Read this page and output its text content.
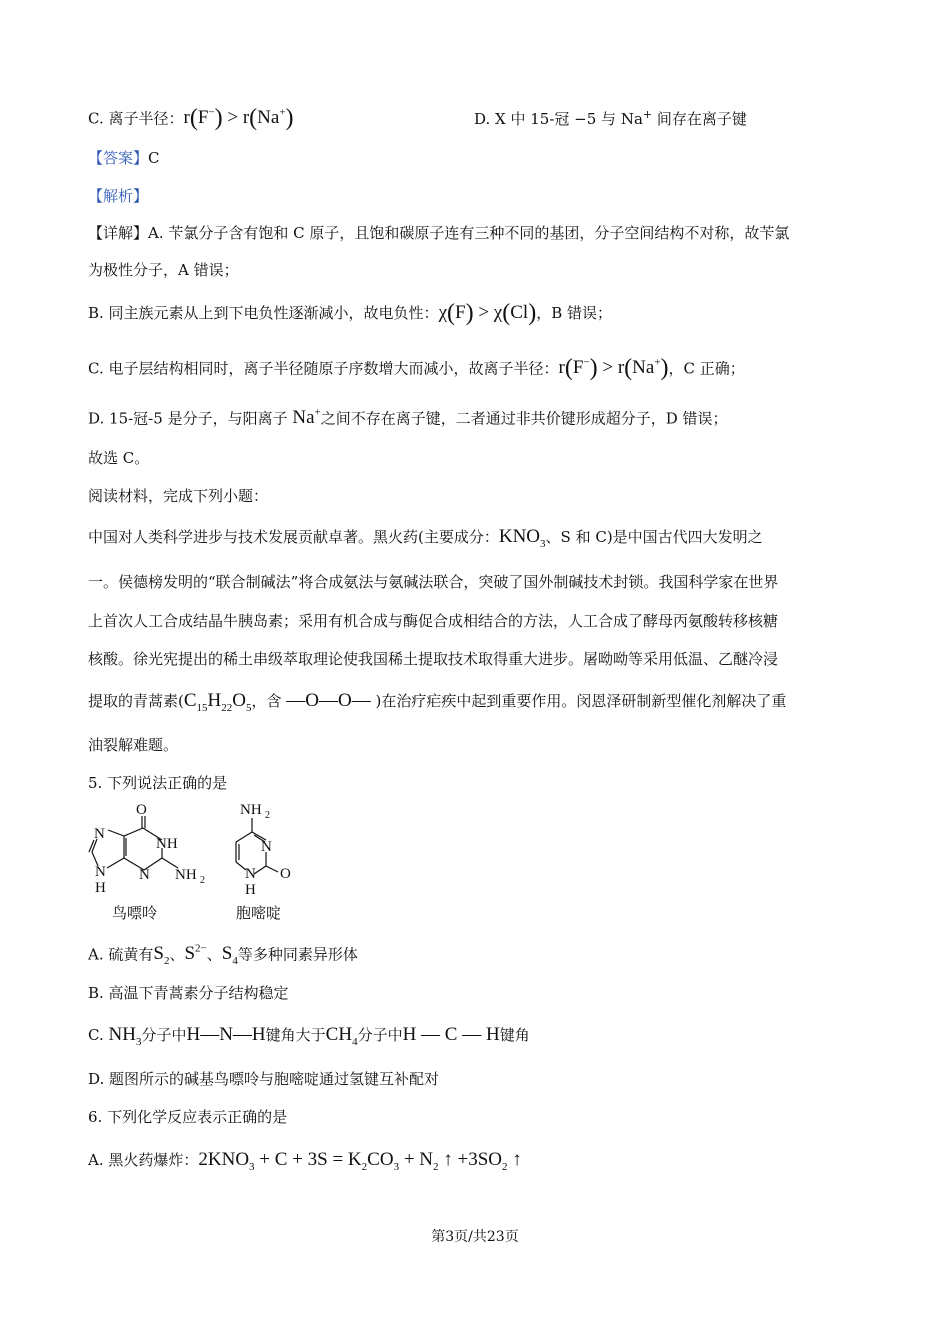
C. 离子半径：r(F−) > r(Na+)	D. X 中 15-冠 −5 与 Na+ 间存在离子键
【答案】C
【解析】
【详解】A. 苄氯分子含有饱和 C 原子，且饱和碳原子连有三种不同的基团，分子空间结构不对称，故苄氯
为极性分子，A 错误；
B. 同主族元素从上到下电负性逐渐减小，故电负性：χ(F) > χ(Cl)，B 错误；
C. 电子层结构相同时，离子半径随原子序数增大而减小，故离子半径：r(F−) > r(Na+)，C 正确；
D. 15-冠-5 是分子，与阳离子 Na+之间不存在离子键，二者通过非共价键形成超分子，D 错误；
故选 C。
阅读材料，完成下列小题：
中国对人类科学进步与技术发展贡献卓著。黑火药(主要成分：$KNO_3$、S 和 C)是中国古代四大发明之
一。侯德榜发明的“联合制碱法”将合成氨法与氨碱法联合，突破了国外制碱技术封锁。我国科学家在世界
上首次人工合成结晶牛胰岛素；采用有机合成与酶促合成相结合的方法，人工合成了酵母丙氨酸转移核糖
核酸。徐光宪提出的稀土串级萃取理论使我国稀土提取技术取得重大进步。屠呦呦等采用低温、乙醚冷浸
提取的青蒿素($C_{15}H_{22}O_5$，含 —O—O— )在治疗疟疾中起到重要作用。闵恩泽研制新型催化剂解决了重
油裂解难题。
5. 下列说法正确的是
O
NH
N NH 2
N
N
H
NH 2
N
O
N
H
鸟嘌呤	胞嘧啶
A. 硫黄有$S_2$、$S^{2-}$、$S_4$等多种同素异形体
B. 高温下青蒿素分子结构稳定
C. $NH_3$分子中H—N—H键角大于$CH_4$分子中H — C — H键角
D. 题图所示的碱基鸟嘌呤与胞嘧啶通过氢键互补配对
6. 下列化学反应表示正确的是
A. 黑火药爆炸：$2KNO_3 + C + 3S = K_2CO_3 + N_2$ ↑ $+3SO_2$ ↑
第3页/共23页
